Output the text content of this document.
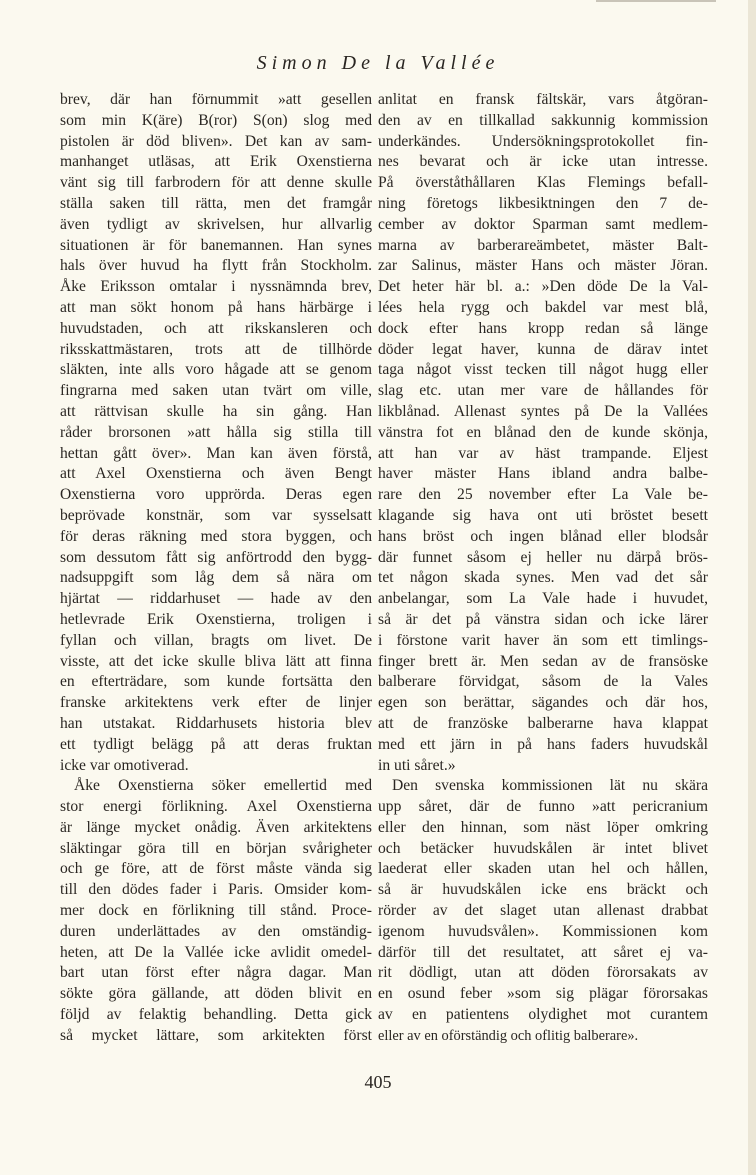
Simon De la Vallée
brev, där han förnummit »att gesellen
som min K(äre) B(ror) S(on) slog med
pistolen är död bliven». Det kan av sam-
manhanget utläsas, att Erik Oxenstierna
vänt sig till farbrodern för att denne skulle
ställa saken till rätta, men det framgår
även tydligt av skrivelsen, hur allvarlig
situationen är för banemannen. Han synes
hals över huvud ha flytt från Stockholm.
Åke Eriksson omtalar i nyssnämnda brev,
att man sökt honom på hans härbärge i
huvudstaden, och att rikskansleren och
riksskattmästaren, trots att de tillhörde
släkten, inte alls voro hågade att se genom
fingrarna med saken utan tvärt om ville,
att rättvisan skulle ha sin gång. Han
råder brorsonen »att hålla sig stilla till
hettan gått över». Man kan även förstå,
att Axel Oxenstierna och även Bengt
Oxenstierna voro upprörda. Deras egen
beprövade konstnär, som var sysselsatt
för deras räkning med stora byggen, och
som dessutom fått sig anförtrodd den bygg-
nadsuppgift som låg dem så nära om
hjärtat — riddarhuset — hade av den
hetlevrade Erik Oxenstierna, troligen i
fyllan och villan, bragts om livet. De
visste, att det icke skulle bliva lätt att finna
en efterträdare, som kunde fortsätta den
franske arkitektens verk efter de linjer
han utstakat. Riddarhusets historia blev
ett tydligt belägg på att deras fruktan
icke var omotiverad.
Åke Oxenstierna söker emellertid med
stor energi förlikning. Axel Oxenstierna
är länge mycket onådig. Även arkitektens
släktingar göra till en början svårigheter
och ge före, att de först måste vända sig
till den dödes fader i Paris. Omsider kom-
mer dock en förlikning till stånd. Proce-
duren underlättades av den omständig-
heten, att De la Vallée icke avlidit omedel-
bart utan först efter några dagar. Man
sökte göra gällande, att döden blivit en
följd av felaktig behandling. Detta gick
så mycket lättare, som arkitekten först
anlitat en fransk fältskär, vars åtgöran-
den av en tillkallad sakkunnig kommission
underkändes. Undersökningsprotokollet fin-
nes bevarat och är icke utan intresse.
På överståthållaren Klas Flemings befall-
ning företogs likbesiktningen den 7 de-
cember av doktor Sparman samt medlem-
marna av barberareämbetet, mäster Balt-
zar Salinus, mäster Hans och mäster Jöran.
Det heter här bl. a.: »Den döde De la Val-
lées hela rygg och bakdel var mest blå,
dock efter hans kropp redan så länge
döder legat haver, kunna de därav intet
taga något visst tecken till något hugg eller
slag etc. utan mer vare de hållandes för
likblånad. Allenast syntes på De la Vallées
vänstra fot en blånad den de kunde skönja,
att han var av häst trampande. Eljest
haver mäster Hans ibland andra balbe-
rare den 25 november efter La Vale be-
klagande sig hava ont uti bröstet besett
hans bröst och ingen blånad eller blodsår
där funnet såsom ej heller nu därpå brös-
tet någon skada synes. Men vad det sår
anbelangar, som La Vale hade i huvudet,
så är det på vänstra sidan och icke lärer
i förstone varit haver än som ett timlings-
finger brett är. Men sedan av de fransöske
balberare förvidgat, såsom de la Vales
egen son berättar, sägandes och där hos,
att de französke balberarne hava klappat
med ett järn in på hans faders huvudskål
in uti såret.»
Den svenska kommissionen lät nu skära
upp såret, där de funno »att pericranium
eller den hinnan, som näst löper omkring
och betäcker huvudskålen är intet blivet
laederat eller skaden utan hel och hållen,
så är huvudskålen icke ens bräckt och
rörder av det slaget utan allenast drabbat
igenom huvudsvålen». Kommissionen kom
därför till det resultatet, att såret ej va-
rit dödligt, utan att döden förorsakats av
en osund feber »som sig plägar förorsakas
av en patientens olydighet mot curantem
eller av en oförständig och oflitig balberare».
405
